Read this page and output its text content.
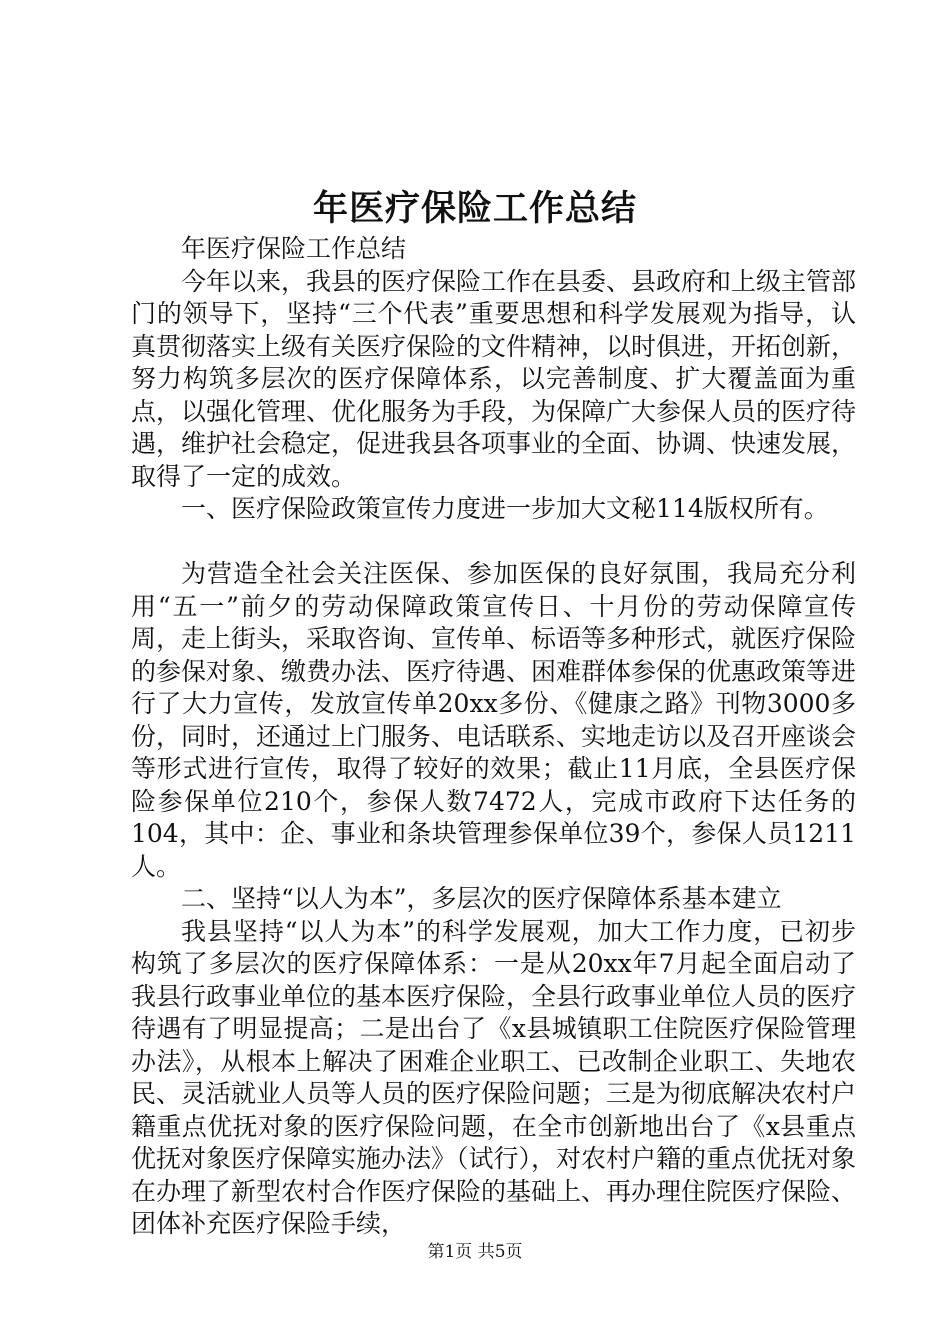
年医疗保险工作总结

年医疗保险工作总结

今年以来，我县的医疗保险工作在县委、县政府和上级主管部门的领导下，坚持“三个代表”重要思想和科学发展观为指导，认真贯彻落实上级有关医疗保险的文件精神，以时俱进，开拓创新，努力构筑多层次的医疗保障体系，以完善制度、扩大覆盖面为重点，以强化管理、优化服务为手段，为保障广大参保人员的医疗待遇，维护社会稳定，促进我县各项事业的全面、协调、快速发展，取得了一定的成效。

一、医疗保险政策宣传力度进一步加大文秘114版权所有。

为营造全社会关注医保、参加医保的良好氛围，我局充分利用“五一”前夕的劳动保障政策宣传日、十月份的劳动保障宣传周，走上街头，采取咨询、宣传单、标语等多种形式，就医疗保险的参保对象、缴费办法、医疗待遇、困难群体参保的优惠政策等进行了大力宣传，发放宣传单20xx多份、《健康之路》刊物3000多份，同时，还通过上门服务、电话联系、实地走访以及召开座谈会等形式进行宣传，取得了较好的效果；截止11月底，全县医疗保险参保单位210个，参保人数7472人，完成市政府下达任务的104，其中：企、事业和条块管理参保单位39个，参保人员1211人。

二、坚持“以人为本”，多层次的医疗保障体系基本建立

我县坚持“以人为本”的科学发展观，加大工作力度，已初步构筑了多层次的医疗保障体系：一是从20xx年7月起全面启动了我县行政事业单位的基本医疗保险，全县行政事业单位人员的医疗待遇有了明显提高；二是出台了《x县城镇职工住院医疗保险管理办法》，从根本上解决了困难企业职工、已改制企业职工、失地农民、灵活就业人员等人员的医疗保险问题；三是为彻底解决农村户籍重点优抚对象的医疗保险问题，在全市创新地出台了《x县重点优抚对象医疗保障实施办法》（试行），对农村户籍的重点优抚对象在办理了新型农村合作医疗保险的基础上、再办理住院医疗保险、团体补充医疗保险手续，

第1页 共5页
